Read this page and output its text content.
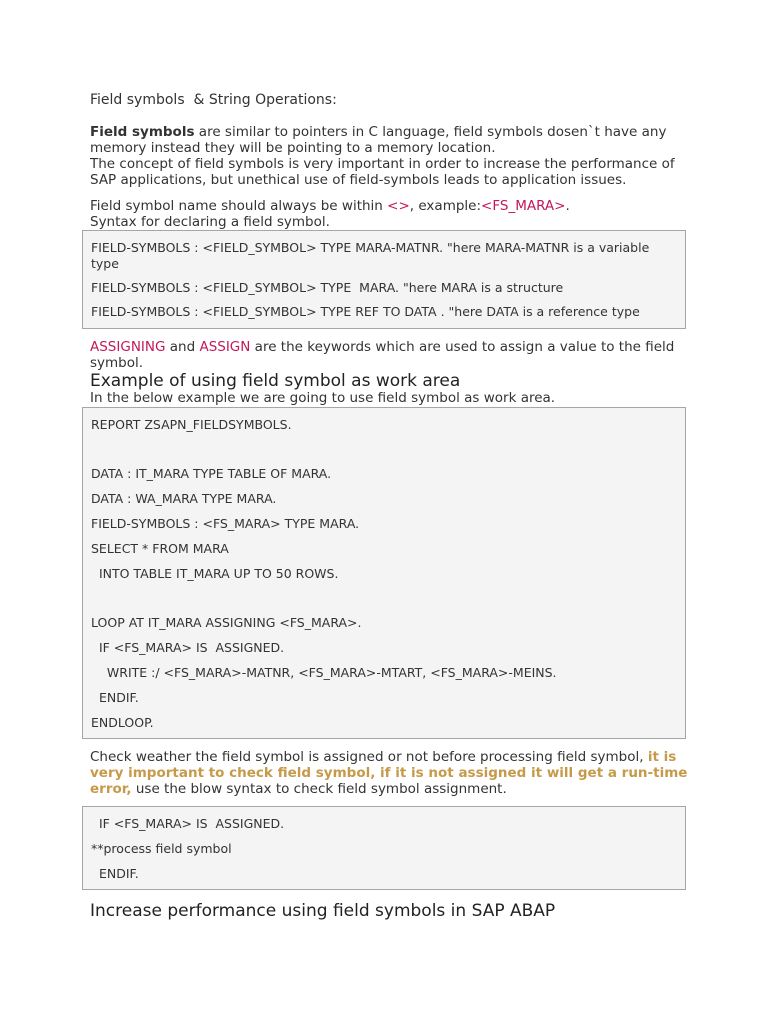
Field symbols  & String Operations:
Field symbols are similar to pointers in C language, field symbols dosen`t have any memory instead they will be pointing to a memory location.
The concept of field symbols is very important in order to increase the performance of SAP applications, but unethical use of field-symbols leads to application issues.
Field symbol name should always be within <>, example:<FS_MARA>.
Syntax for declaring a field symbol.
FIELD-SYMBOLS : <FIELD_SYMBOL> TYPE MARA-MATNR. "here MARA-MATNR is a variable
type
FIELD-SYMBOLS : <FIELD_SYMBOL> TYPE  MARA. "here MARA is a structure
FIELD-SYMBOLS : <FIELD_SYMBOL> TYPE REF TO DATA . "here DATA is a reference type
ASSIGNING and ASSIGN are the keywords which are used to assign a value to the field symbol.
Example of using field symbol as work area
In the below example we are going to use field symbol as work area.
REPORT ZSAPN_FIELDSYMBOLS.
DATA : IT_MARA TYPE TABLE OF MARA.
DATA : WA_MARA TYPE MARA.
FIELD-SYMBOLS : <FS_MARA> TYPE MARA.
SELECT * FROM MARA
INTO TABLE IT_MARA UP TO 50 ROWS.
LOOP AT IT_MARA ASSIGNING <FS_MARA>.
IF <FS_MARA> IS  ASSIGNED.
WRITE :/ <FS_MARA>-MATNR, <FS_MARA>-MTART, <FS_MARA>-MEINS.
ENDIF.
ENDLOOP.
Check weather the field symbol is assigned or not before processing field symbol, it is very important to check field symbol, if it is not assigned it will get a run-time error, use the blow syntax to check field symbol assignment.
IF <FS_MARA> IS  ASSIGNED.
**process field symbol
ENDIF.
Increase performance using field symbols in SAP ABAP
